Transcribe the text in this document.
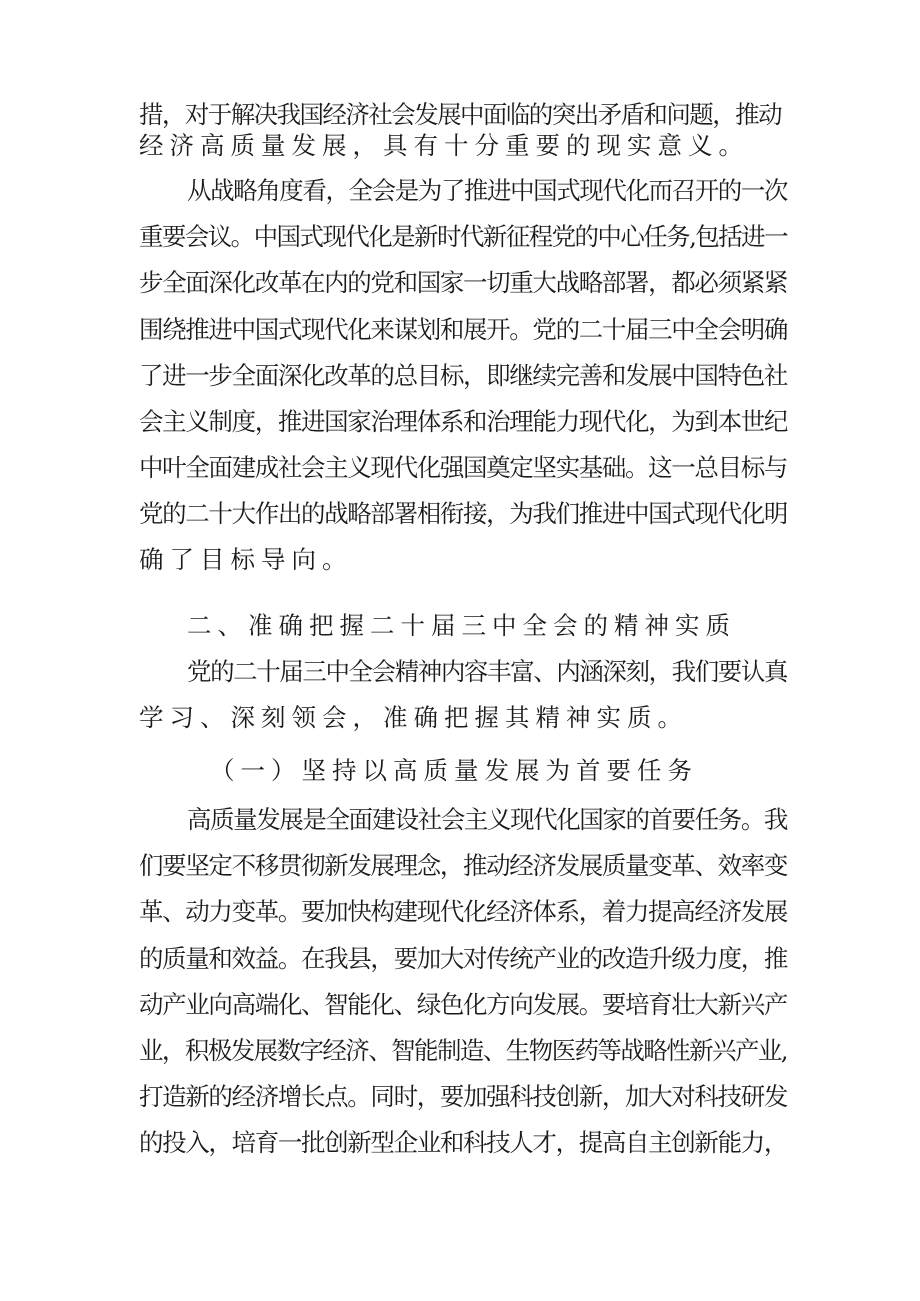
措，对于解决我国经济社会发展中面临的突出矛盾和问题，推动
经济高质量发展，具有十分重要的现实意义。
从战略角度看，全会是为了推进中国式现代化而召开的一次
重要会议。中国式现代化是新时代新征程党的中心任务,包括进一
步全面深化改革在内的党和国家一切重大战略部署，都必须紧紧
围绕推进中国式现代化来谋划和展开。党的二十届三中全会明确
了进一步全面深化改革的总目标，即继续完善和发展中国特色社
会主义制度，推进国家治理体系和治理能力现代化，为到本世纪
中叶全面建成社会主义现代化强国奠定坚实基础。这一总目标与
党的二十大作出的战略部署相衔接，为我们推进中国式现代化明
确了目标导向。
二、准确把握二十届三中全会的精神实质
党的二十届三中全会精神内容丰富、内涵深刻，我们要认真
学习、深刻领会，准确把握其精神实质。
（一）坚持以高质量发展为首要任务
高质量发展是全面建设社会主义现代化国家的首要任务。我
们要坚定不移贯彻新发展理念，推动经济发展质量变革、效率变
革、动力变革。要加快构建现代化经济体系，着力提高经济发展
的质量和效益。在我县，要加大对传统产业的改造升级力度，推
动产业向高端化、智能化、绿色化方向发展。要培育壮大新兴产
业，积极发展数字经济、智能制造、生物医药等战略性新兴产业,
打造新的经济增长点。同时，要加强科技创新，加大对科技研发
的投入，培育一批创新型企业和科技人才，提高自主创新能力，
